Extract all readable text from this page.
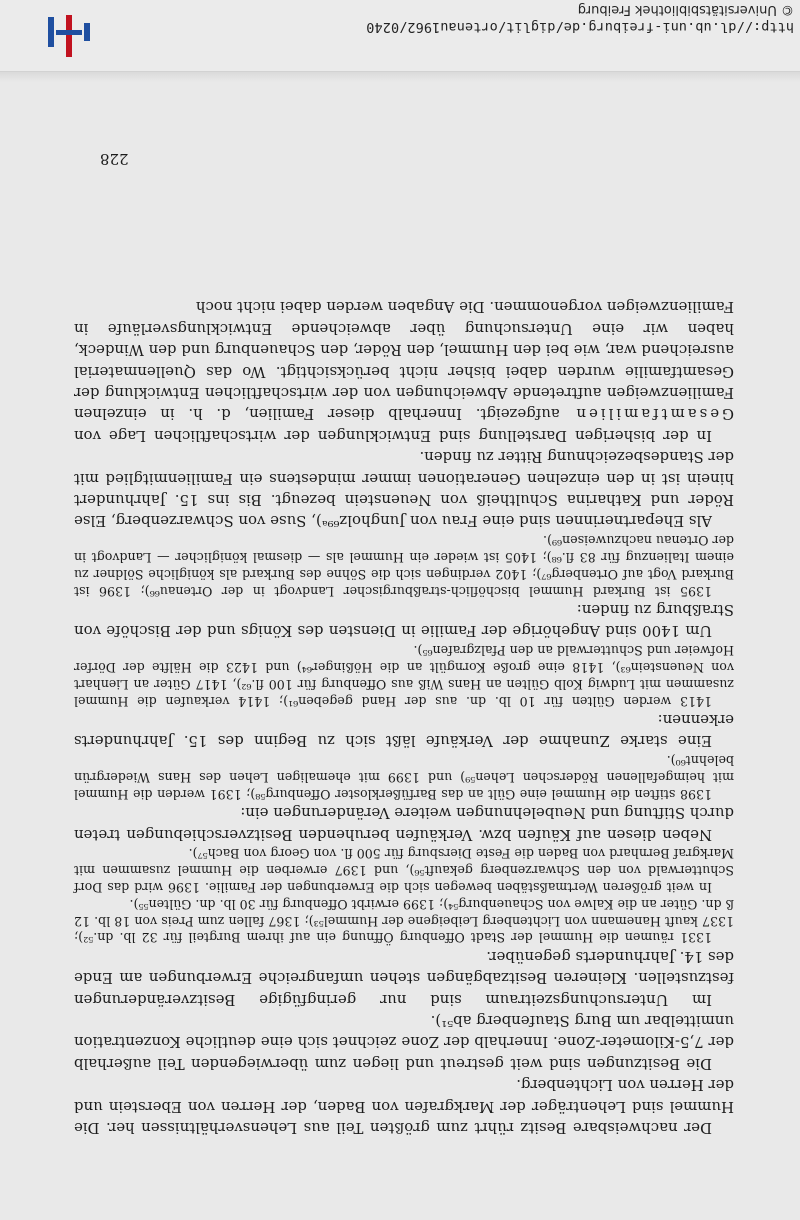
Der nachweisbare Besitz rührt zum größten Teil aus Lehensverhältnissen her. Die Hummel sind Lehenträger der Markgrafen von Baden, der Herren von Eberstein und der Herren von Lichtenberg.

Die Besitzungen sind weit gestreut und liegen zum überwiegenden Teil außerhalb der 7,5-Kilometer-Zone. Innerhalb der Zone zeichnet sich eine deutliche Konzentration unmittelbar um Burg Staufenberg ab⁵¹).

Im Untersuchungszeitraum sind nur geringfügige Besitzveränderungen festzustellen. Kleineren Besitzabgängen stehen umfangreiche Erwerbungen am Ende des 14. Jahrhunderts gegenüber.

1331 räumen die Hummel der Stadt Offenburg Öffnung ein auf ihrem Burgteil für 32 lb. dn.⁵²); 1337 kauft Hanemann von Lichtenberg Leibeigene der Hummel⁵³); 1367 fallen zum Preis von 18 lb. 12 ß dn. Güter an die Kalwe von Schauenburg⁵⁴); 1399 erwirbt Offenburg für 30 lb. dn. Gülten⁵⁵).

In weit größeren Wertmaßstäben bewegen sich die Erwerbungen der Familie. 1396 wird das Dorf Schutterwald von den Schwarzenberg gekauft⁵⁶), und 1397 erwerben die Hummel zusammen mit Markgraf Bernhard von Baden die Feste Diersburg für 500 fl. von Georg von Bach⁵⁷).

Neben diesen auf Käufen bzw. Verkäufen beruhenden Besitzverschiebungen treten durch Stiftung und Neubelehnungen weitere Veränderungen ein:

1398 stiften die Hummel eine Gült an das Barfüßerkloster Offenburg⁵⁸); 1391 werden die Hummel mit heimgefallenen Röderschen Lehen⁵⁹) und 1399 mit ehemaligen Lehen des Hans Wiedergrün belehnt⁶⁰).

Eine starke Zunahme der Verkäufe läßt sich zu Beginn des 15. Jahrhunderts erkennen:

1413 werden Gülten für 10 lb. dn. aus der Hand gegeben⁶¹); 1414 verkaufen die Hummel zusammen mit Ludwig Kolb Gülten an Hans Wiß aus Offenburg für 100 fl.⁶²), 1417 Güter an Lienhart von Neuenstein⁶³), 1418 eine große Korngült an die Hößinger⁶⁴) und 1423 die Hälfte der Dörfer Hofweier und Schutterwald an den Pfalzgrafen⁶⁵).

Um 1400 sind Angehörige der Familie in Diensten des Königs und der Bischöfe von Straßburg zu finden:

1395 ist Burkard Hummel bischöflich-straßburgischer Landvogt in der Ortenau⁶⁶); 1396 ist Burkard Vogt auf Ortenberg⁶⁷); 1402 verdingen sich die Söhne des Burkard als königliche Söldner zu einem Italienzug für 83 fl.⁶⁸); 1405 ist wieder ein Hummel als — diesmal königlicher — Landvogt in der Ortenau nachzuweisen⁶⁹).

Als Ehepartnerinnen sind eine Frau von Jungholz⁶⁹ᵃ), Suse von Schwarzenberg, Else Röder und Katharina Schultheiß von Neuenstein bezeugt. Bis ins 15. Jahrhundert hinein ist in den einzelnen Generationen immer mindestens ein Familienmitglied mit der Standesbezeichnung Ritter zu finden.

In der bisherigen Darstellung sind Entwicklungen der wirtschaftlichen Lage von Gesamtfamilien aufgezeigt. Innerhalb dieser Familien, d. h. in einzelnen Familienzweigen auftretende Abweichungen von der wirtschaftlichen Entwicklung der Gesamtfamilie wurden dabei bisher nicht berücksichtigt. Wo das Quellenmaterial ausreichend war, wie bei den Hummel, den Röder, den Schauenburg und den Windeck, haben wir eine Untersuchung über abweichende Entwicklungsverläufe in Familienzweigen vorgenommen. Die Angaben werden dabei nicht noch

228
http://dl.ub.uni-freiburg.de/diglit/ortenau1962/0240
© Universitätsbibliothek Freiburg
